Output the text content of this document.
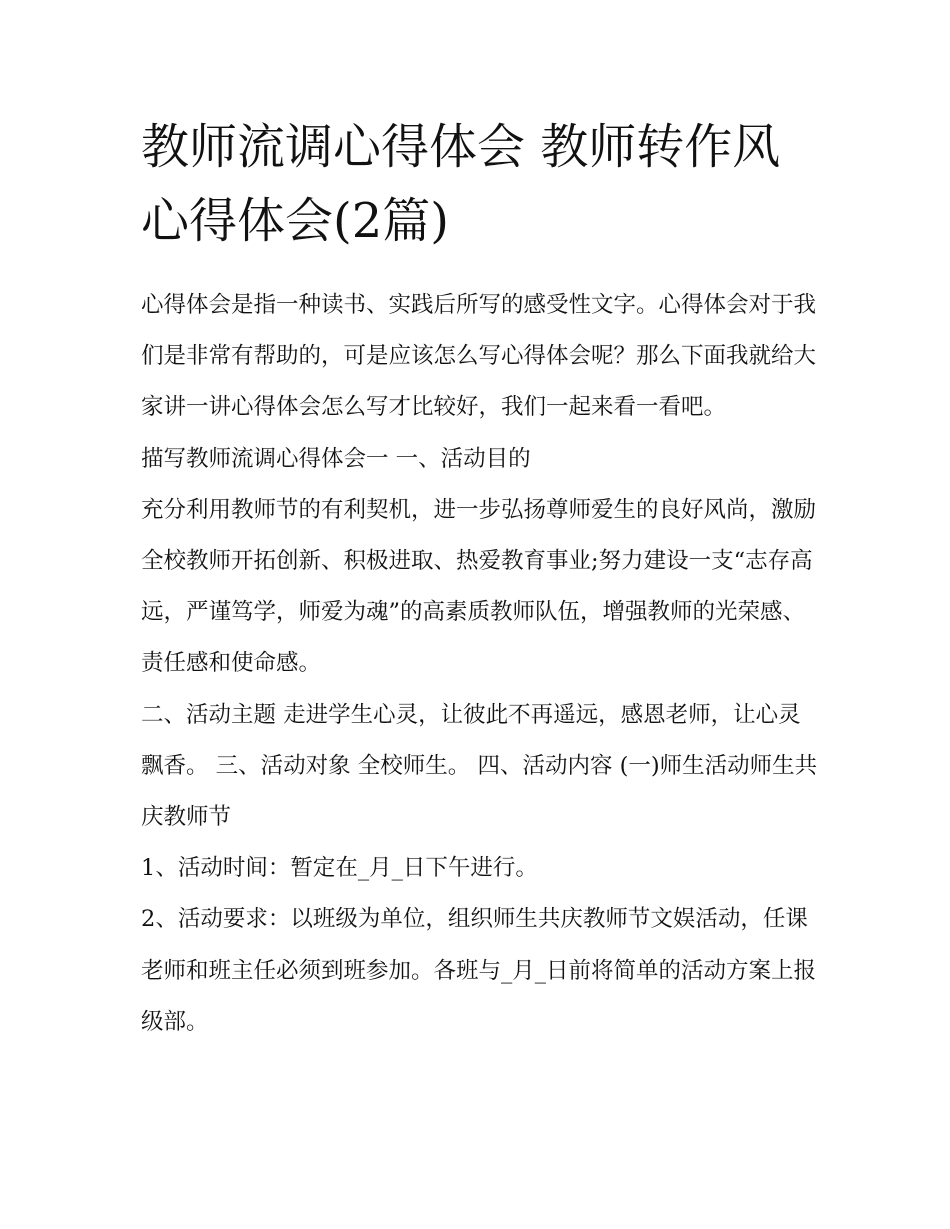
教师流调心得体会 教师转作风心得体会(2篇)

心得体会是指一种读书、实践后所写的感受性文字。心得体会对于我们是非常有帮助的，可是应该怎么写心得体会呢？那么下面我就给大家讲一讲心得体会怎么写才比较好，我们一起来看一看吧。

描写教师流调心得体会一 一、活动目的

充分利用教师节的有利契机，进一步弘扬尊师爱生的良好风尚，激励全校教师开拓创新、积极进取、热爱教育事业;努力建设一支“志存高远，严谨笃学，师爱为魂”的高素质教师队伍，增强教师的光荣感、责任感和使命感。

二、活动主题 走进学生心灵，让彼此不再遥远，感恩老师，让心灵飘香。 三、活动对象 全校师生。 四、活动内容 (一)师生活动师生共庆教师节

1、活动时间：暂定在_月_日下午进行。

2、活动要求：以班级为单位，组织师生共庆教师节文娱活动，任课老师和班主任必须到班参加。各班与_月_日前将简单的活动方案上报级部。
